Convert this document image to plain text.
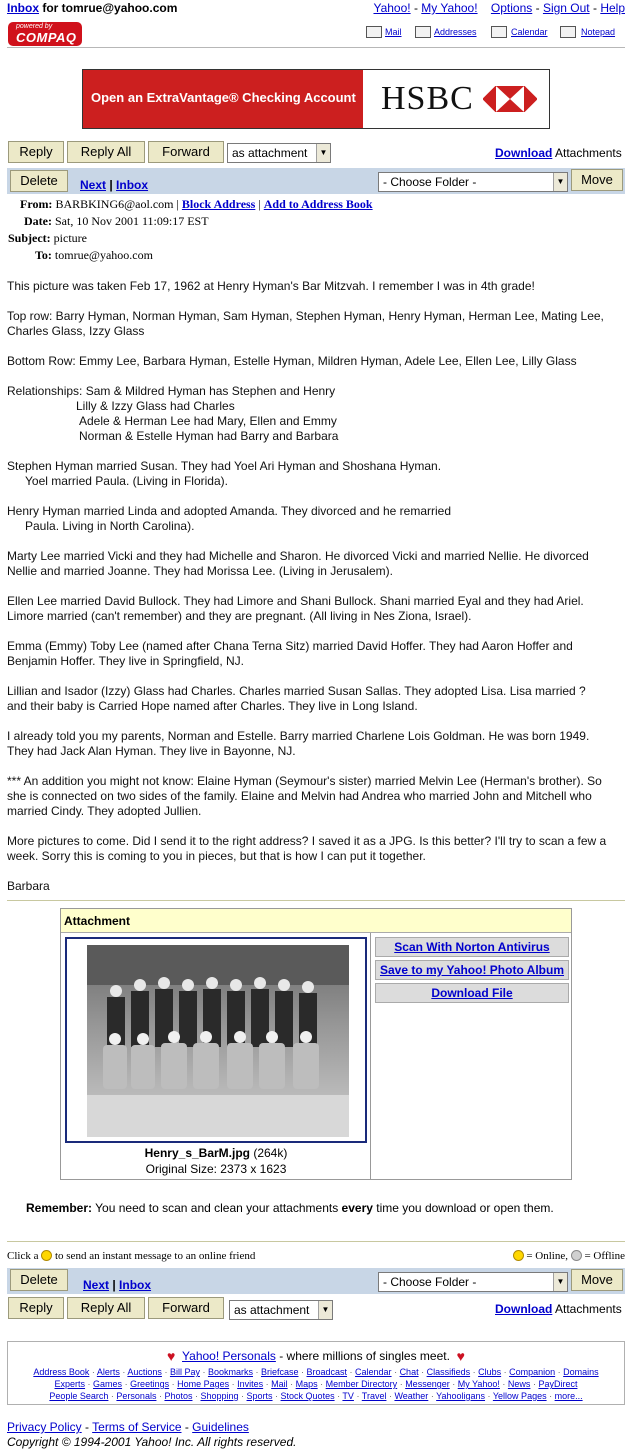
Inbox for tomrue@yahoo.com	Yahoo! - My Yahoo! Options - Sign Out - Help
powered by
COMPAQ	Mail	Addresses	Calendar	Notepad
Open an ExtraVantage® Checking Account HSBC
Reply	Reply All	Forward	as attachment	▼	Download Attachments
Delete	Next | Inbox	- Choose Folder -	▼	Move
From: BARBKING6@aol.com | Block Address | Add to Address Book
Date: Sat, 10 Nov 2001 11:09:17 EST
Subject: picture
To: tomrue@yahoo.com
This picture was taken Feb 17, 1962 at Henry Hyman's Bar Mitzvah. I remember I was in 4th grade!
Top row: Barry Hyman, Norman Hyman, Sam Hyman, Stephen Hyman, Henry Hyman, Herman Lee, Mating Lee,
Charles Glass, Izzy Glass
Bottom Row: Emmy Lee, Barbara Hyman, Estelle Hyman, Mildren Hyman, Adele Lee, Ellen Lee, Lilly Glass
Relationships: Sam & Mildred Hyman has Stephen and Henry
Lilly & Izzy Glass had Charles
Adele & Herman Lee had Mary, Ellen and Emmy
Norman & Estelle Hyman had Barry and Barbara
Stephen Hyman married Susan. They had Yoel Ari Hyman and Shoshana Hyman.
Yoel married Paula. (Living in Florida).
Henry Hyman married Linda and adopted Amanda. They divorced and he remarried
Paula. Living in North Carolina).
Marty Lee married Vicki and they had Michelle and Sharon. He divorced Vicki and married Nellie. He divorced
Nellie and married Joanne. They had Morissa Lee. (Living in Jerusalem).
Ellen Lee married David Bullock. They had Limore and Shani Bullock. Shani married Eyal and they had Ariel.
Limore married (can't remember) and they are pregnant. (All living in Nes Ziona, Israel).
Emma (Emmy) Toby Lee (named after Chana Terna Sitz) married David Hoffer. They had Aaron Hoffer and
Benjamin Hoffer. They live in Springfield, NJ.
Lillian and Isador (Izzy) Glass had Charles. Charles married Susan Sallas. They adopted Lisa. Lisa married ?
and their baby is Carried Hope named after Charles. They live in Long Island.
I already told you my parents, Norman and Estelle. Barry married Charlene Lois Goldman. He was born 1949.
They had Jack Alan Hyman. They live in Bayonne, NJ.
*** An addition you might not know: Elaine Hyman (Seymour's sister) married Melvin Lee (Herman's brother). So
she is connected on two sides of the family. Elaine and Melvin had Andrea who married John and Mitchell who
married Cindy. They adopted Jullien.
More pictures to come. Did I send it to the right address? I saved it as a JPG. Is this better? I'll try to scan a few a
week. Sorry this is coming to you in pieces, but that is how I can put it together.
Barbara
Attachment
Henry_s_BarM.jpg (264k)
Original Size: 2373 x 1623
Scan With Norton Antivirus
Save to my Yahoo! Photo Album
Download File
Remember: You need to scan and clean your attachments every time you download or open them.
Click a  to send an instant message to an online friend	= Online,  = Offline
Delete	Next | Inbox	- Choose Folder -	▼	Move
Reply	Reply All	Forward	as attachment	▼	Download Attachments
♥ Yahoo! Personals - where millions of singles meet. ♥
Address Book · Alerts · Auctions · Bill Pay · Bookmarks · Briefcase · Broadcast · Calendar · Chat · Classifieds · Clubs · Companion · Domains
Experts · Games · Greetings · Home Pages · Invites · Mail · Maps · Member Directory · Messenger · My Yahoo! · News · PayDirect
People Search · Personals · Photos · Shopping · Sports · Stock Quotes · TV · Travel · Weather · Yahooligans · Yellow Pages · more...
Privacy Policy - Terms of Service - Guidelines
Copyright © 1994-2001 Yahoo! Inc. All rights reserved.
